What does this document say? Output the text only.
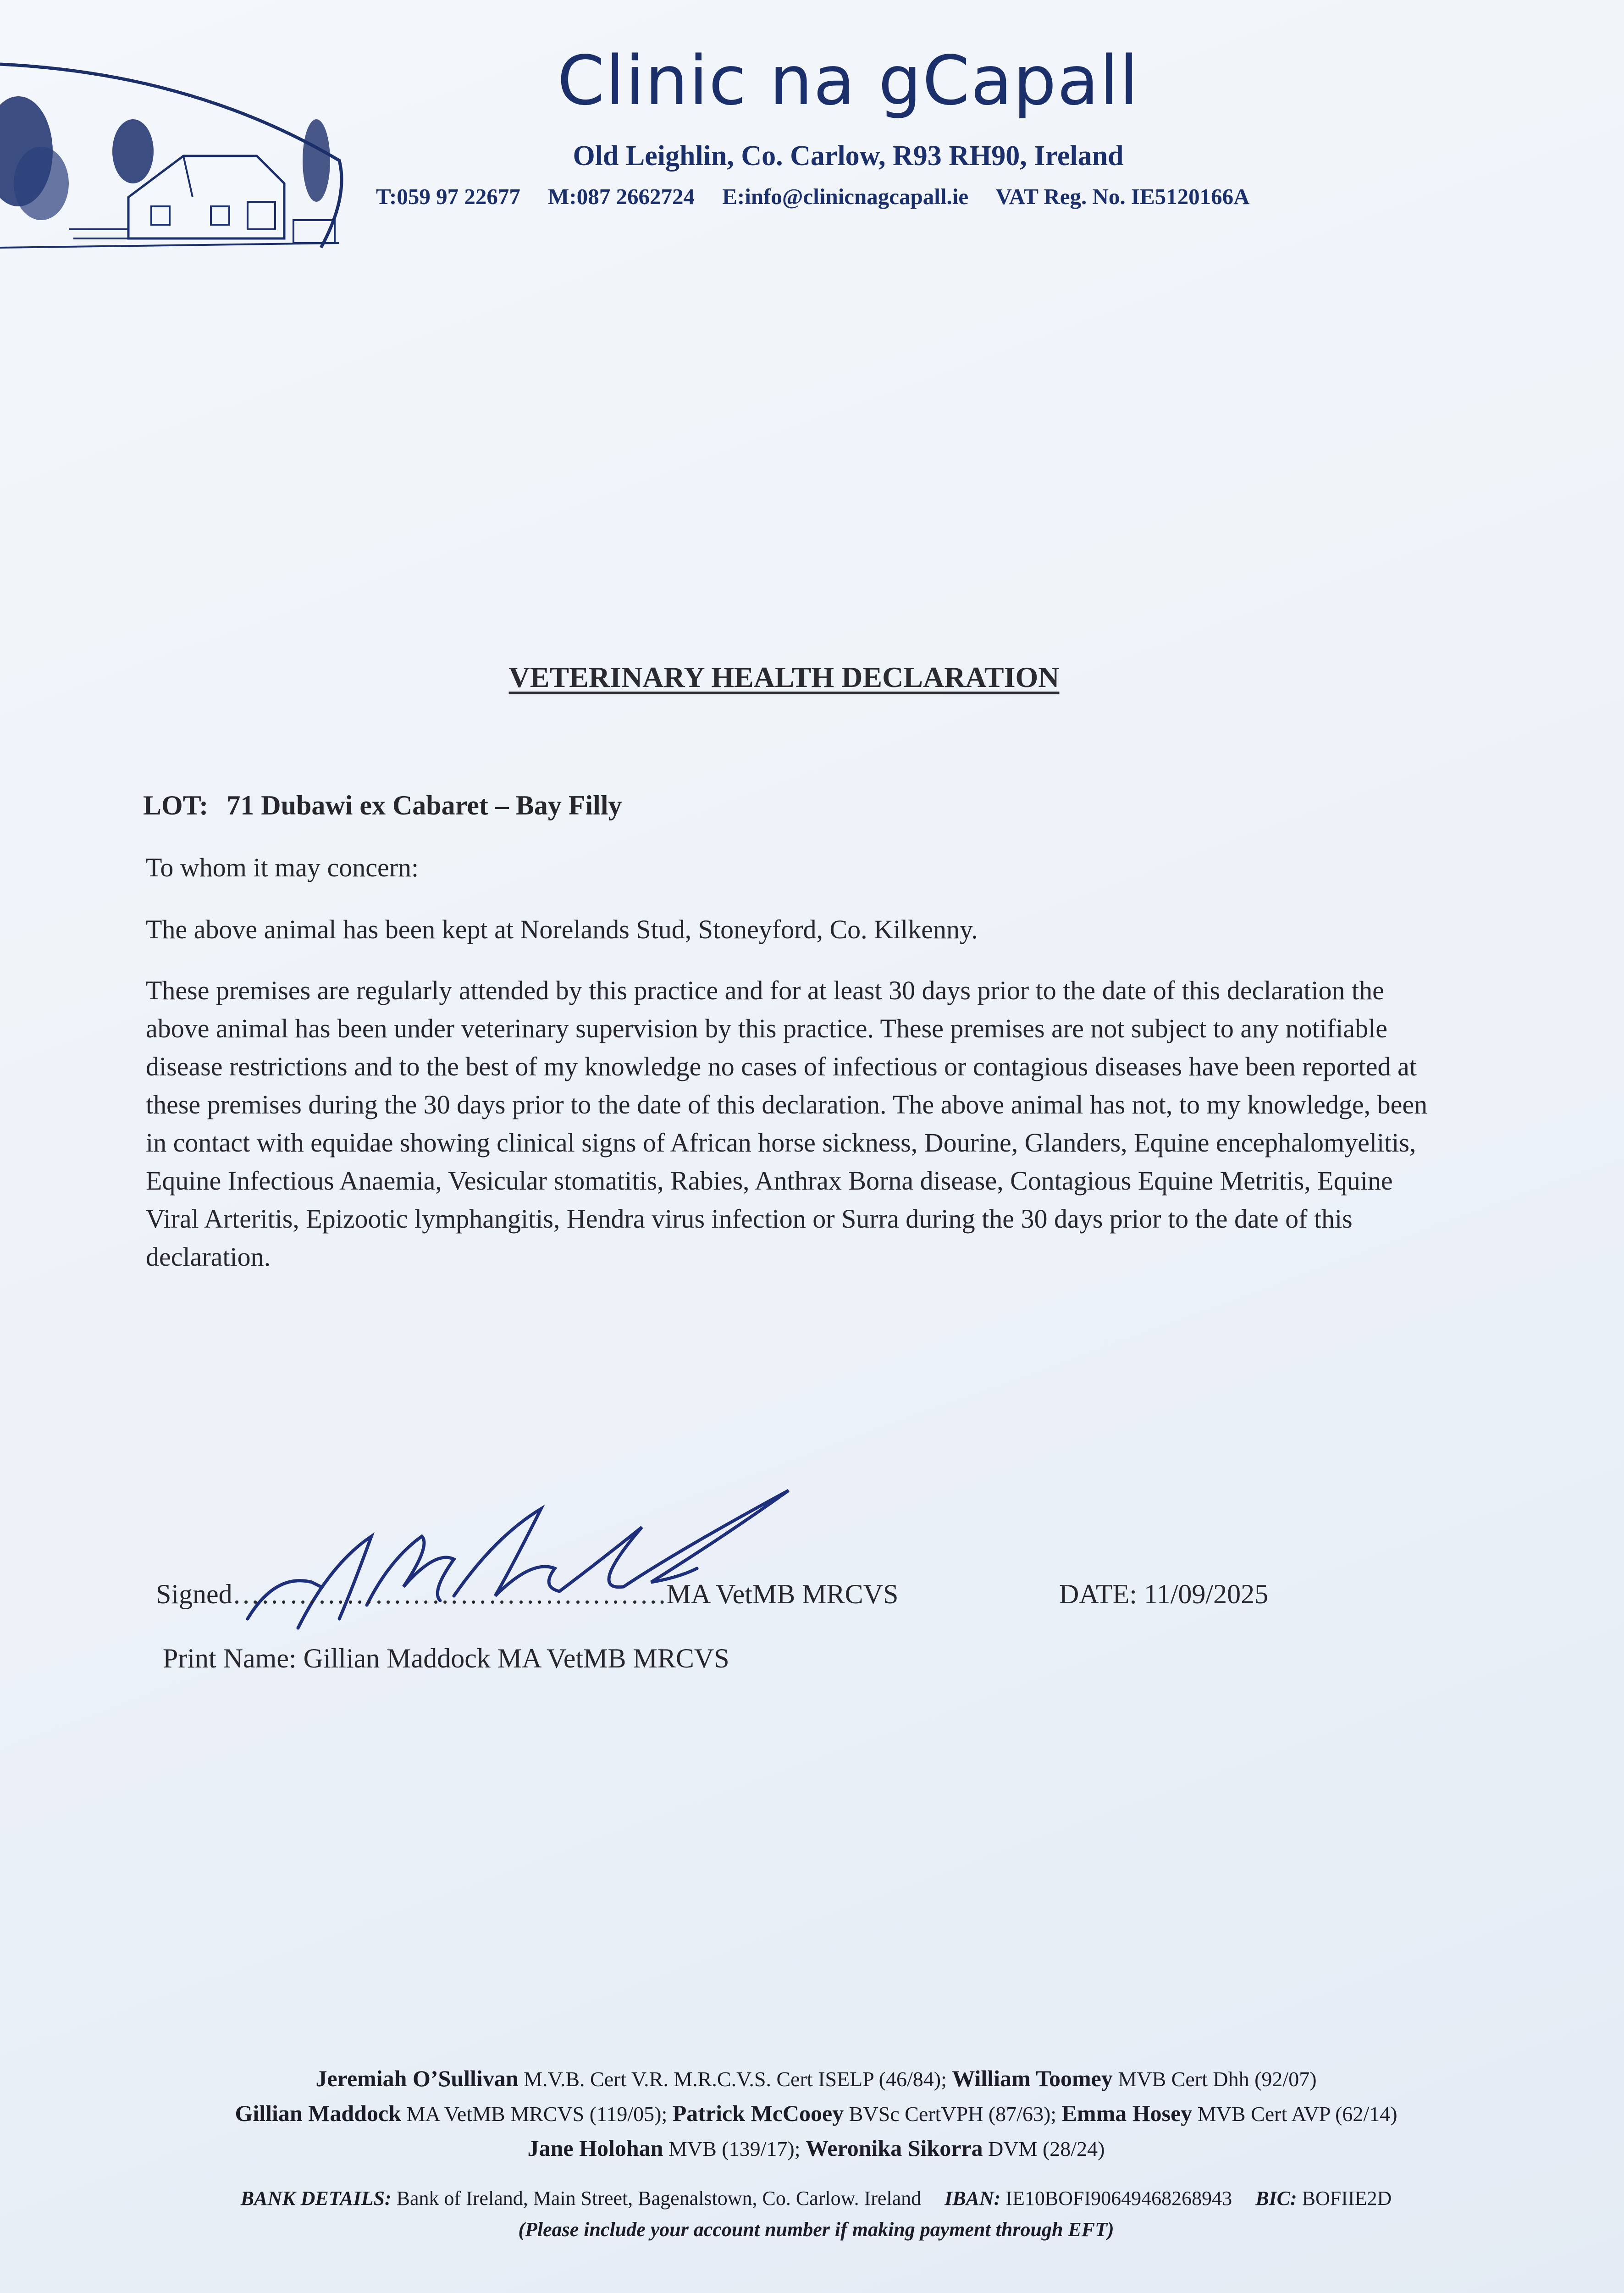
Clinic na gCapall
Old Leighlin, Co. Carlow, R93 RH90, Ireland
T:059 97 22677 M:087 2662724 E:info@clinicnagcapall.ie VAT Reg. No. IE5120166A
VETERINARY HEALTH DECLARATION
LOT: 71 Dubawi ex Cabaret – Bay Filly
To whom it may concern:
The above animal has been kept at Norelands Stud, Stoneyford, Co. Kilkenny.

These premises are regularly attended by this practice and for at least 30 days prior to the date of this declaration the above animal has been under veterinary supervision by this practice. These premises are not subject to any notifiable disease restrictions and to the best of my knowledge no cases of infectious or contagious diseases have been reported at these premises during the 30 days prior to the date of this declaration. The above animal has not, to my knowledge, been in contact with equidae showing clinical signs of African horse sickness, Dourine, Glanders, Equine encephalomyelitis, Equine Infectious Anaemia, Vesicular stomatitis, Rabies, Anthrax Borna disease, Contagious Equine Metritis, Equine Viral Arteritis, Epizootic lymphangitis, Hendra virus infection or Surra during the 30 days prior to the date of this declaration.

Signed……………………………………….MA VetMB MRCVS	DATE: 11/09/2025
Print Name: Gillian Maddock MA VetMB MRCVS
Jeremiah O’Sullivan M.V.B. Cert V.R. M.R.C.V.S. Cert ISELP (46/84); William Toomey MVB Cert Dhh (92/07)
Gillian Maddock MA VetMB MRCVS (119/05); Patrick McCooey BVSc CertVPH (87/63); Emma Hosey MVB Cert AVP (62/14)
Jane Holohan MVB (139/17); Weronika Sikorra DVM (28/24)
BANK DETAILS: Bank of Ireland, Main Street, Bagenalstown, Co. Carlow. Ireland IBAN: IE10BOFI90649468268943 BIC: BOFIIE2D
(Please include your account number if making payment through EFT)
